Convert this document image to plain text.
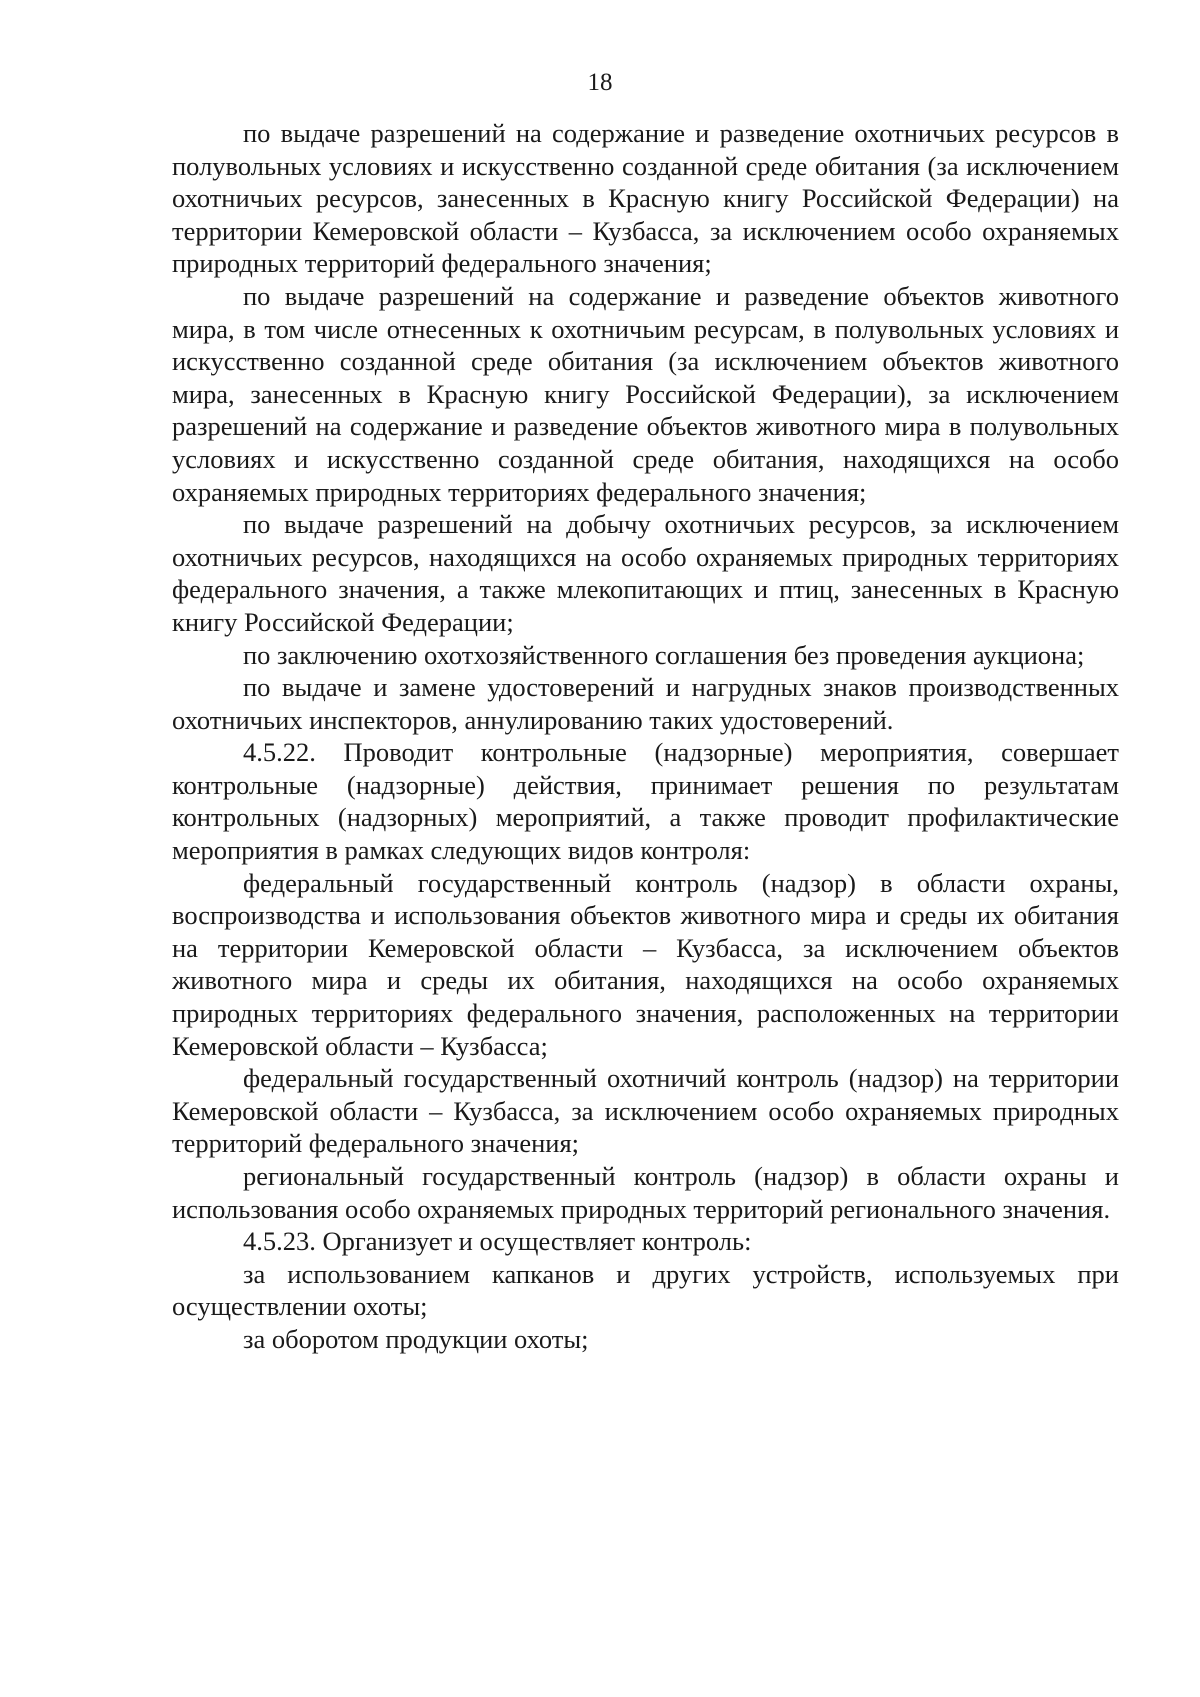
18

по выдаче разрешений на содержание и разведение охотничьих ресурсов в полувольных условиях и искусственно созданной среде обитания (за исключением охотничьих ресурсов, занесенных в Красную книгу Российской Федерации) на территории Кемеровской области – Кузбасса, за исключением особо охраняемых природных территорий федерального значения;

по выдаче разрешений на содержание и разведение объектов животного мира, в том числе отнесенных к охотничьим ресурсам, в полувольных условиях и искусственно созданной среде обитания (за исключением объектов животного мира, занесенных в Красную книгу Российской Федерации), за исключением разрешений на содержание и разведение объектов животного мира в полувольных условиях и искусственно созданной среде обитания, находящихся на особо охраняемых природных территориях федерального значения;

по выдаче разрешений на добычу охотничьих ресурсов, за исключением охотничьих ресурсов, находящихся на особо охраняемых природных территориях федерального значения, а также млекопитающих и птиц, занесенных в Красную книгу Российской Федерации;

по заключению охотхозяйственного соглашения без проведения аукциона;

по выдаче и замене удостоверений и нагрудных знаков производственных охотничьих инспекторов, аннулированию таких удостоверений.

4.5.22. Проводит контрольные (надзорные) мероприятия, совершает контрольные (надзорные) действия, принимает решения по результатам контрольных (надзорных) мероприятий, а также проводит профилактические мероприятия в рамках следующих видов контроля:

федеральный государственный контроль (надзор) в области охраны, воспроизводства и использования объектов животного мира и среды их обитания на территории Кемеровской области – Кузбасса, за исключением объектов животного мира и среды их обитания, находящихся на особо охраняемых природных территориях федерального значения, расположенных на территории Кемеровской области – Кузбасса;

федеральный государственный охотничий контроль (надзор) на территории Кемеровской области – Кузбасса, за исключением особо охраняемых природных территорий федерального значения;

региональный государственный контроль (надзор) в области охраны и использования особо охраняемых природных территорий регионального значения.

4.5.23. Организует и осуществляет контроль:

за использованием капканов и других устройств, используемых при осуществлении охоты;

за оборотом продукции охоты;
